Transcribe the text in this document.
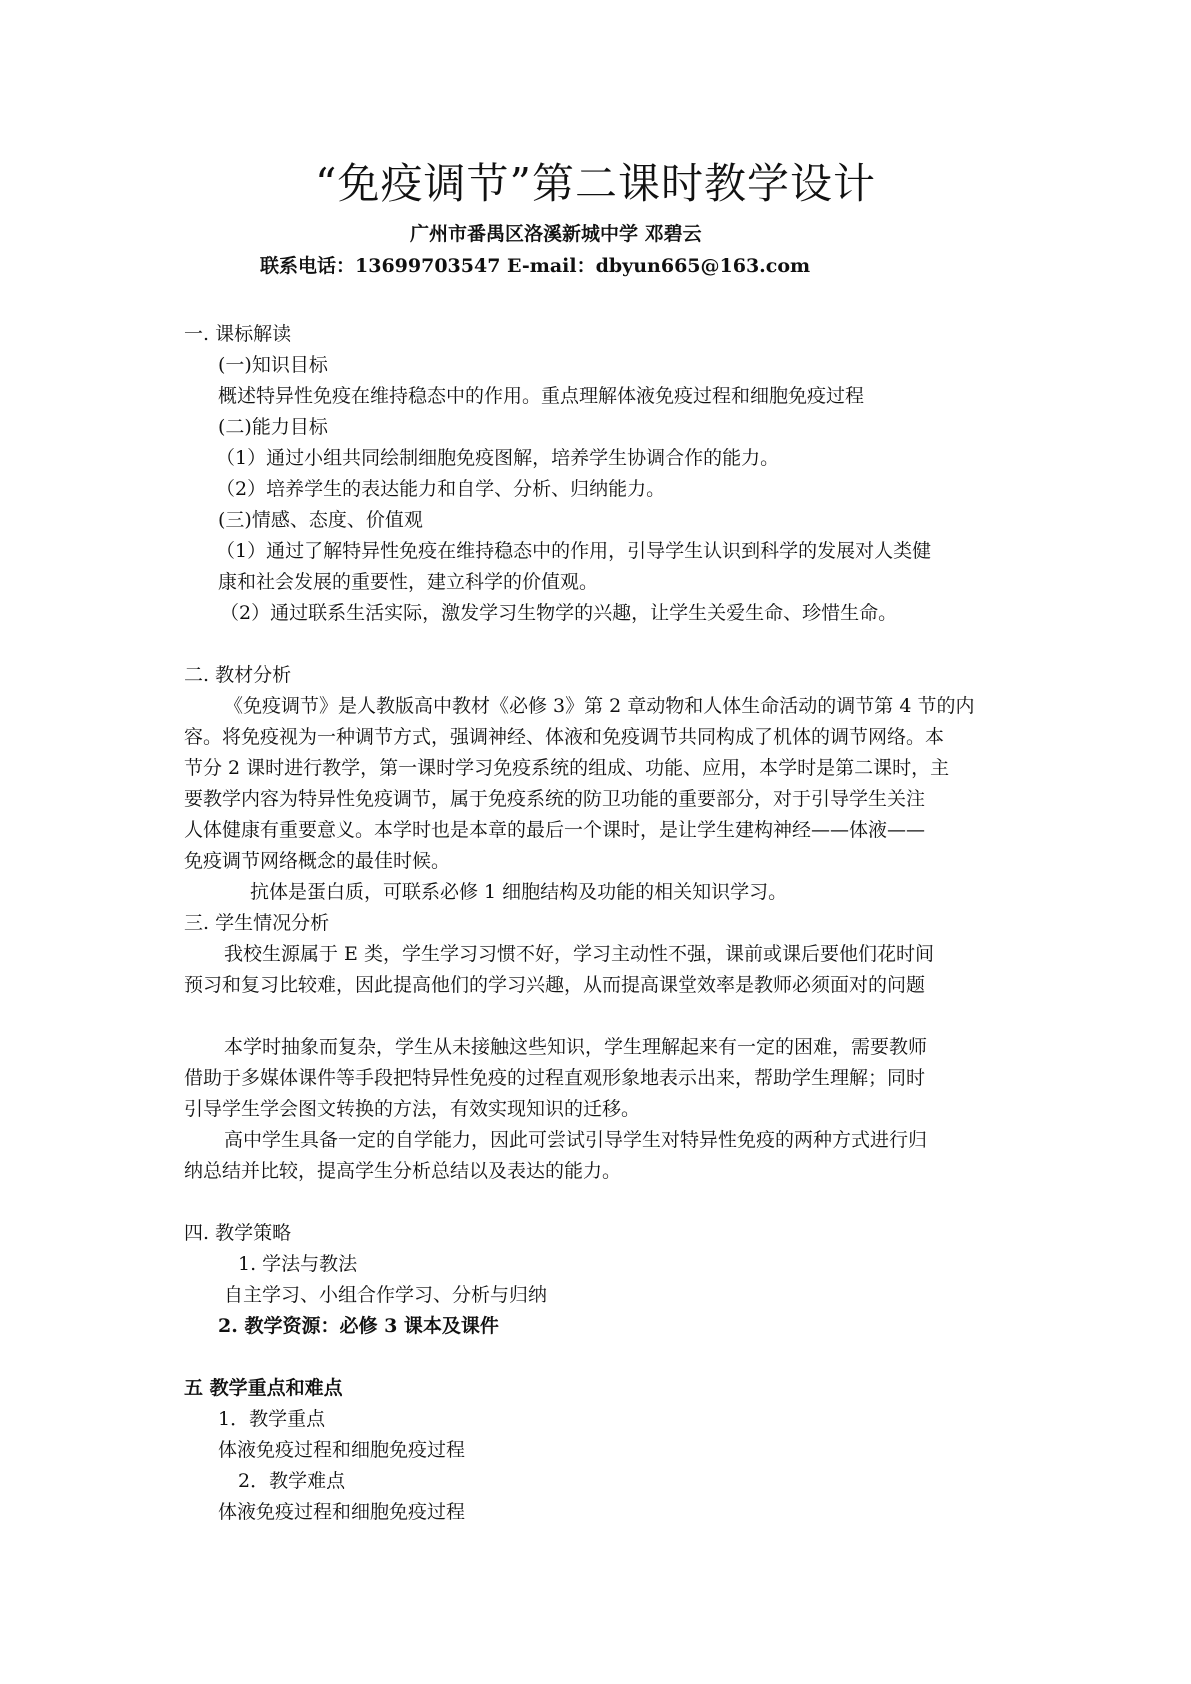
“免疫调节”第二课时教学设计
广州市番禺区洛溪新城中学 邓碧云
联系电话：13699703547 E-mail：dbyun665@163.com
一. 课标解读
(一)知识目标
概述特异性免疫在维持稳态中的作用。重点理解体液免疫过程和细胞免疫过程
(二)能力目标
（1）通过小组共同绘制细胞免疫图解，培养学生协调合作的能力。
（2）培养学生的表达能力和自学、分析、归纳能力。
(三)情感、态度、价值观
（1）通过了解特异性免疫在维持稳态中的作用，引导学生认识到科学的发展对人类健
康和社会发展的重要性，建立科学的价值观。
（2）通过联系生活实际，激发学习生物学的兴趣，让学生关爱生命、珍惜生命。
二. 教材分析
《免疫调节》是人教版高中教材《必修 3》第 2 章动物和人体生命活动的调节第 4 节的内
容。将免疫视为一种调节方式，强调神经、体液和免疫调节共同构成了机体的调节网络。本
节分 2 课时进行教学，第一课时学习免疫系统的组成、功能、应用，本学时是第二课时，主
要教学内容为特异性免疫调节，属于免疫系统的防卫功能的重要部分，对于引导学生关注
人体健康有重要意义。本学时也是本章的最后一个课时，是让学生建构神经——体液——
免疫调节网络概念的最佳时候。
抗体是蛋白质，可联系必修 1 细胞结构及功能的相关知识学习。
三. 学生情况分析
我校生源属于 E 类，学生学习习惯不好，学习主动性不强，课前或课后要他们花时间
预习和复习比较难，因此提高他们的学习兴趣，从而提高课堂效率是教师必须面对的问题
本学时抽象而复杂，学生从未接触这些知识，学生理解起来有一定的困难，需要教师
借助于多媒体课件等手段把特异性免疫的过程直观形象地表示出来，帮助学生理解；同时
引导学生学会图文转换的方法，有效实现知识的迁移。
高中学生具备一定的自学能力，因此可尝试引导学生对特异性免疫的两种方式进行归
纳总结并比较，提高学生分析总结以及表达的能力。
四. 教学策略
1. 学法与教法
自主学习、小组合作学习、分析与归纳
2. 教学资源：必修 3 课本及课件
五 教学重点和难点
1．教学重点
体液免疫过程和细胞免疫过程
2．教学难点
体液免疫过程和细胞免疫过程
